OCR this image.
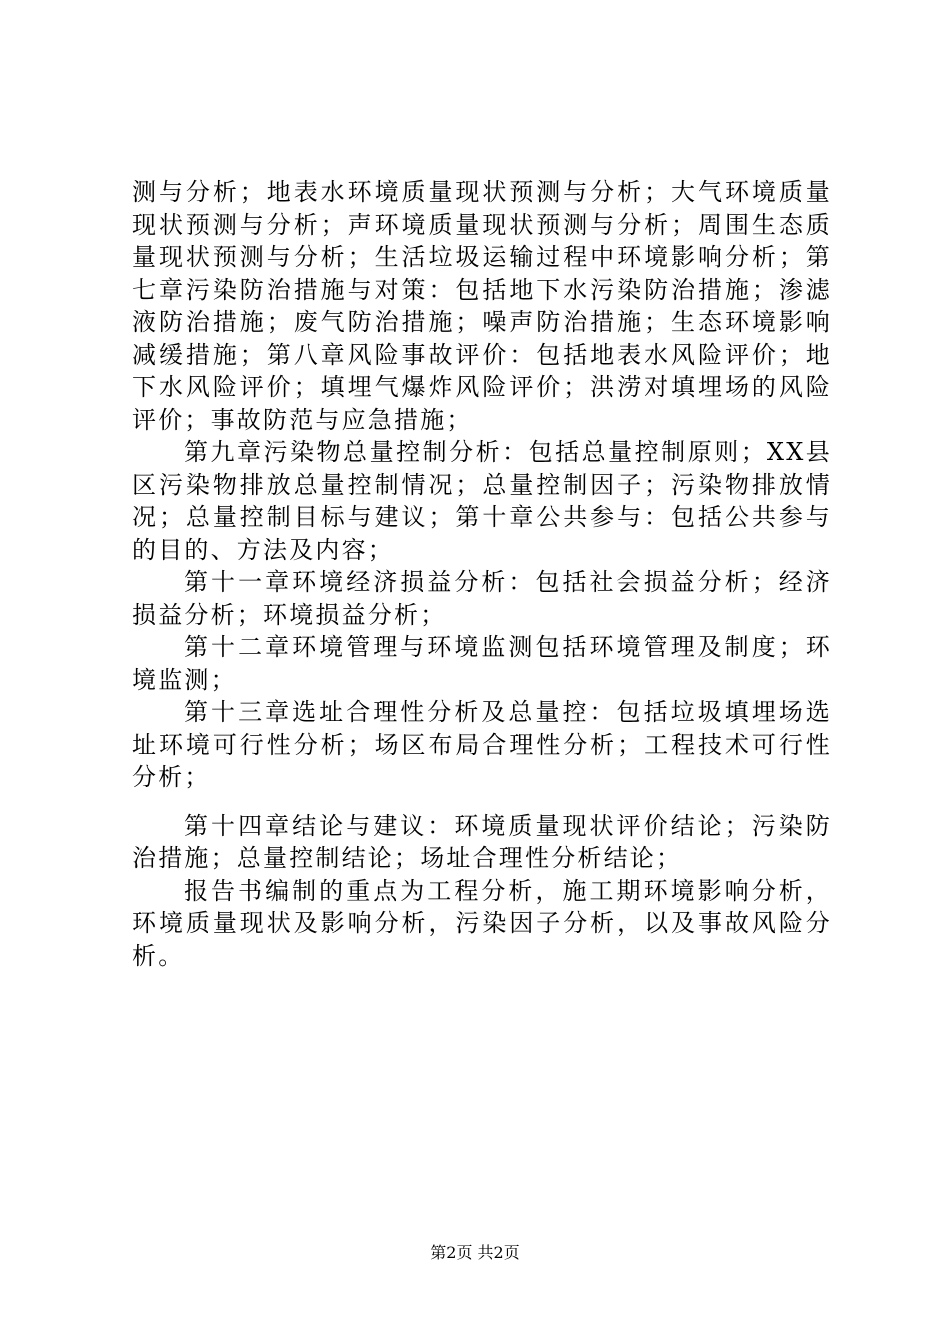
测与分析；地表水环境质量现状预测与分析；大气环境质量现状预测与分析；声环境质量现状预测与分析；周围生态质量现状预测与分析；生活垃圾运输过程中环境影响分析；第七章污染防治措施与对策：包括地下水污染防治措施；渗滤液防治措施；废气防治措施；噪声防治措施；生态环境影响减缓措施；第八章风险事故评价：包括地表水风险评价；地下水风险评价；填埋气爆炸风险评价；洪涝对填埋场的风险评价；事故防范与应急措施；

第九章污染物总量控制分析：包括总量控制原则；XX县区污染物排放总量控制情况；总量控制因子；污染物排放情况；总量控制目标与建议；第十章公共参与：包括公共参与的目的、方法及内容；

第十一章环境经济损益分析：包括社会损益分析；经济损益分析；环境损益分析；

第十二章环境管理与环境监测包括环境管理及制度；环境监测；

第十三章选址合理性分析及总量控：包括垃圾填埋场选址环境可行性分析；场区布局合理性分析；工程技术可行性分析；

第十四章结论与建议：环境质量现状评价结论；污染防治措施；总量控制结论；场址合理性分析结论；

报告书编制的重点为工程分析，施工期环境影响分析，环境质量现状及影响分析，污染因子分析，以及事故风险分析。

第2页 共2页
